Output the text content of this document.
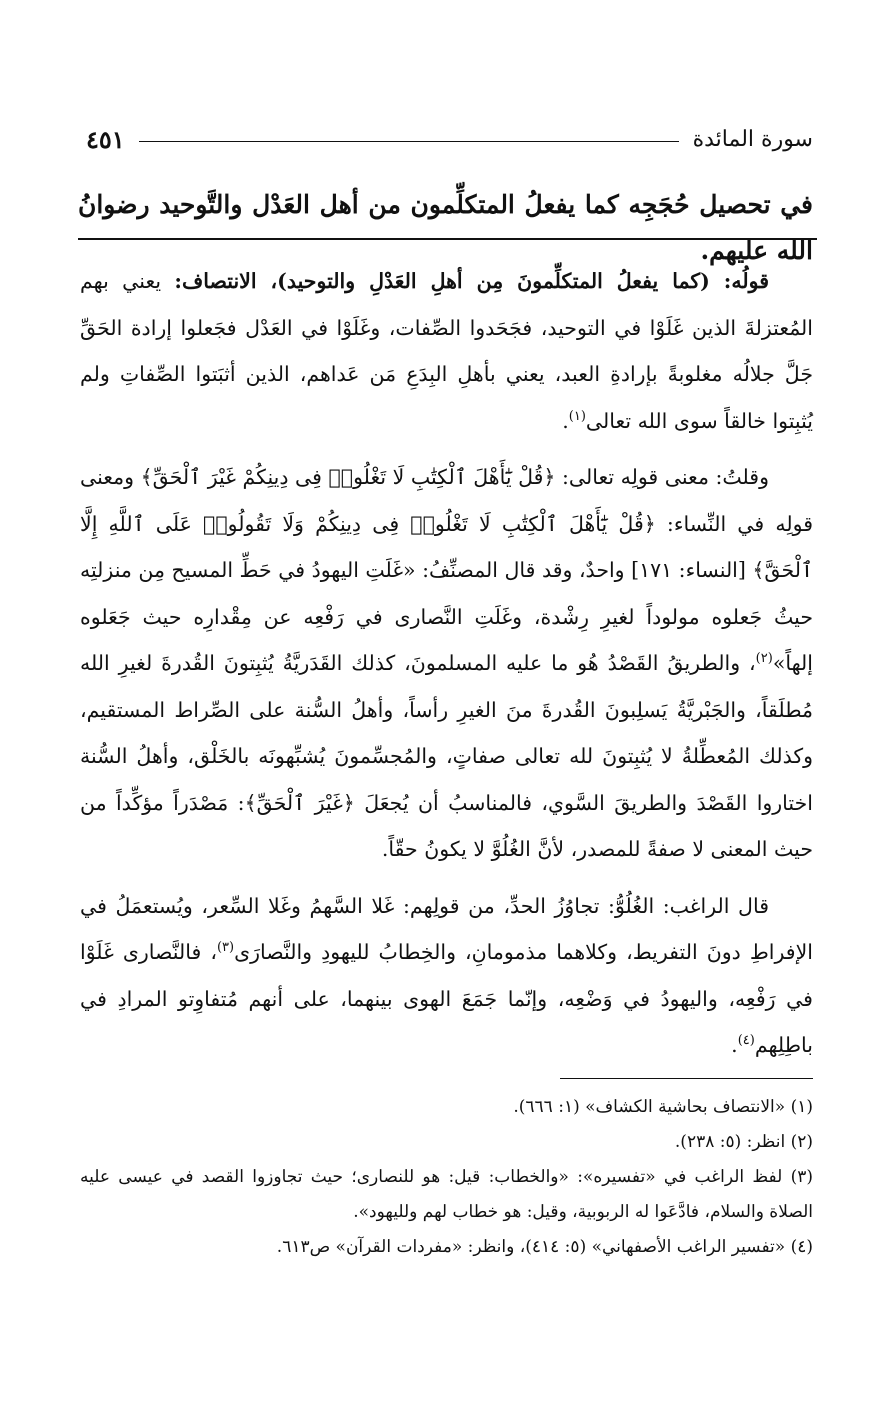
سورة المائدة
٤٥١
في تحصيل حُجَجِه كما يفعلُ المتكلِّمون من أهل العَدْل والتَّوحيد رضوانُ الله عليهم.

قولُه: (كما يفعلُ المتكلِّمونَ مِن أهلِ العَدْلِ والتوحيد)، الانتصاف: يعني بهم المُعتزلةَ الذين غَلَوْا في التوحيد، فجَحَدوا الصِّفات، وغَلَوْا في العَدْل فجَعلوا إرادة الحَقِّ جَلَّ جلالُه مغلوبةً بإرادةِ العبد، يعني بأهلِ البِدَعِ مَن عَداهم، الذين أثبَتوا الصِّفاتِ ولم يُثبِتوا خالقاً سوى الله تعالى$^{(١)}$.

وقلتُ: معنى قولِه تعالى: ﴿قُلْ يَٰٓأَهْلَ ٱلْكِتَٰبِ لَا تَغْلُوا۟ فِى دِينِكُمْ غَيْرَ ٱلْحَقِّ﴾ ومعنى قولِه في النِّساء: ﴿قُلْ يَٰٓأَهْلَ ٱلْكِتَٰبِ لَا تَغْلُوا۟ فِى دِينِكُمْ وَلَا تَقُولُوا۟ عَلَى ٱللَّهِ إِلَّا ٱلْحَقَّ﴾ [النساء: ١٧١] واحدٌ، وقد قال المصنِّفُ: «غَلَتِ اليهودُ في حَطِّ المسيح مِن منزلتِه حيثُ جَعلوه مولوداً لغيرِ رِشْدة، وغَلَتِ النَّصارى في رَفْعِه عن مِقْدارِه حيث جَعَلوه إلهاً»$^{(٢)}$، والطريقُ القَصْدُ هُو ما عليه المسلمونَ، كذلك القَدَريَّةُ يُثبِتونَ القُدرةَ لغيرِ الله مُطلَقاً، والجَبْريَّةُ يَسلِبونَ القُدرةَ منَ الغيرِ رأساً، وأهلُ السُّنة على الصِّراط المستقيم، وكذلك المُعطِّلةُ لا يُثبِتونَ لله تعالى صفاتٍ، والمُجسِّمونَ يُشبِّهونَه بالخَلْق، وأهلُ السُّنة اختاروا القَصْدَ والطريقَ السَّوي، فالمناسبُ أن يُجعَلَ ﴿غَيْرَ ٱلْحَقِّ﴾: مَصْدَراً مؤكِّداً من حيث المعنى لا صفةً للمصدر، لأنَّ الغُلُوَّ لا يكونُ حقّاً.

قال الراغب: الغُلُوُّ: تجاوُزُ الحدِّ، من قولِهم: غَلا السَّهمُ وغَلا السِّعر، ويُستعمَلُ في الإفراطِ دونَ التفريط، وكلاهما مذمومانِ، والخِطابُ لليهودِ والنَّصارَى$^{(٣)}$، فالنَّصارى غَلَوْا في رَفْعِه، واليهودُ في وَضْعِه، وإنّما جَمَعَ الهوى بينهما، على أنهم مُتفاوِتو المرادِ في باطِلِهم$^{(٤)}$.

(١) «الانتصاف بحاشية الكشاف» (١: ٦٦٦).

(٢) انظر: (٥: ٢٣٨).

(٣) لفظ الراغب في «تفسيره»: «والخطاب: قيل: هو للنصارى؛ حيث تجاوزوا القصد في عيسى عليه الصلاة والسلام، فادَّعَوا له الربوبية، وقيل: هو خطاب لهم ولليهود».

(٤) «تفسير الراغب الأصفهاني» (٥: ٤١٤)، وانظر: «مفردات القرآن» ص٦١٣.
